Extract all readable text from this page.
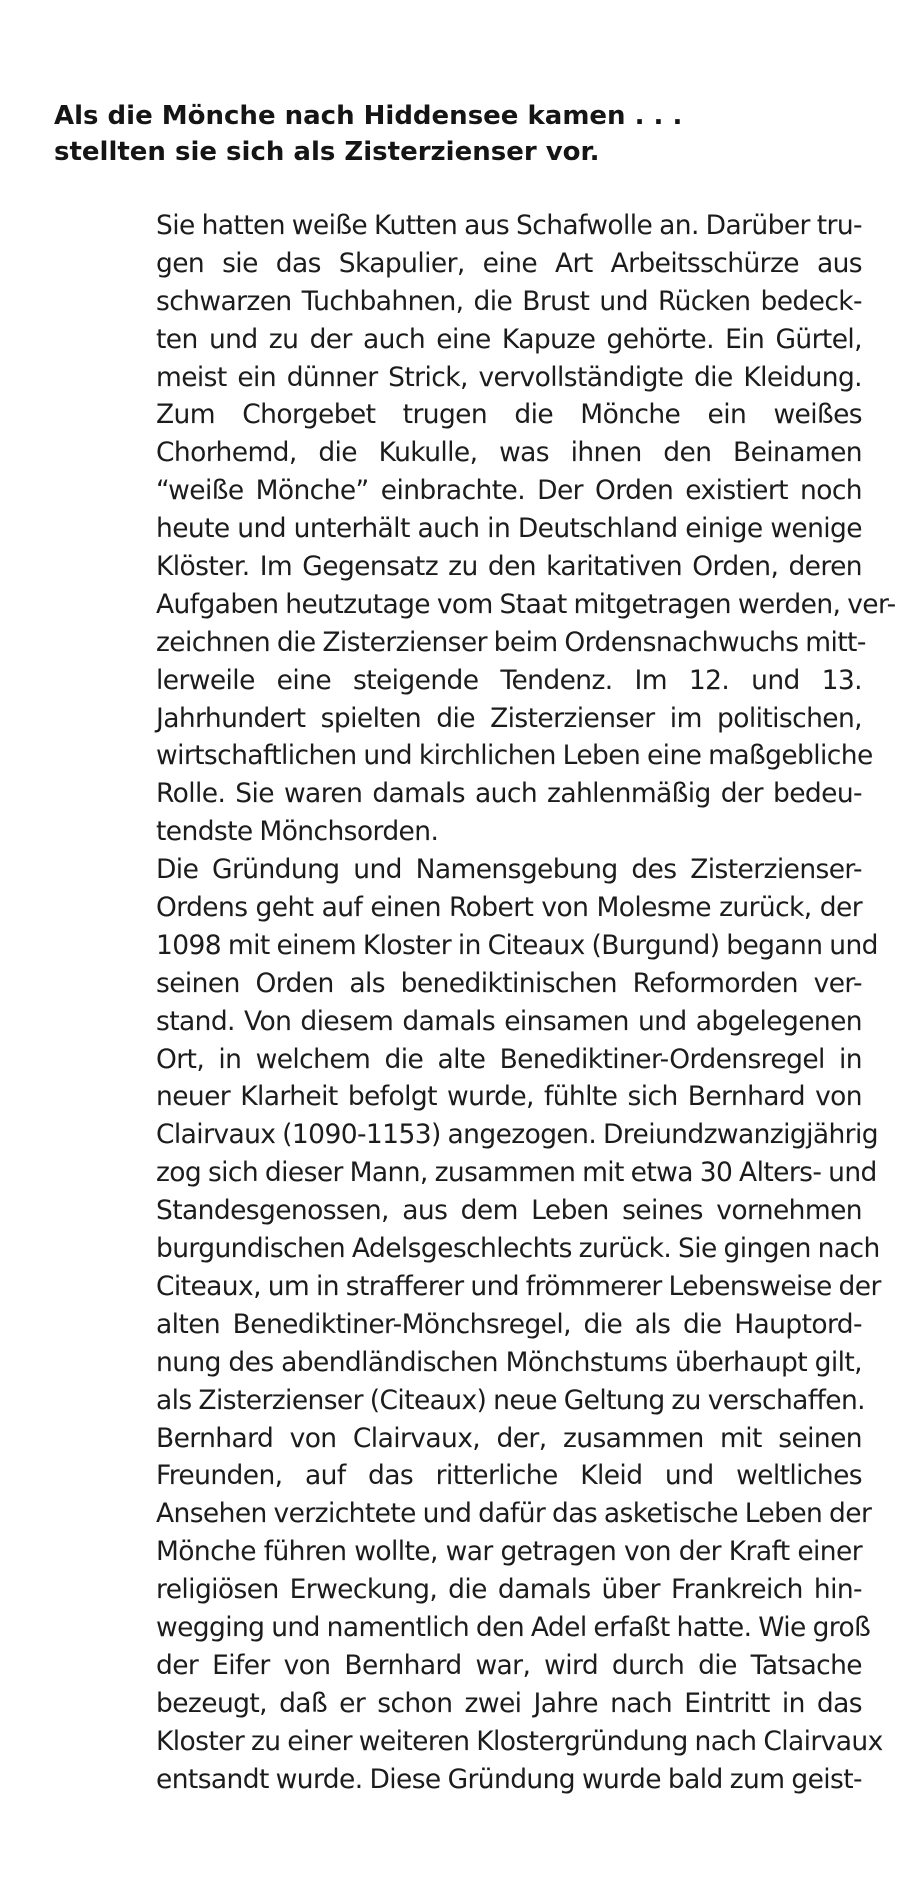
Als die Mönche nach Hiddensee kamen . . .
stellten sie sich als Zisterzienser vor.
Sie hatten weiße Kutten aus Schafwolle an. Darüber tru-
gen sie das Skapulier, eine Art Arbeitsschürze aus
schwarzen Tuchbahnen, die Brust und Rücken bedeck-
ten und zu der auch eine Kapuze gehörte. Ein Gürtel,
meist ein dünner Strick, vervollständigte die Kleidung.
Zum Chorgebet trugen die Mönche ein weißes
Chorhemd, die Kukulle, was ihnen den Beinamen
“weiße Mönche” einbrachte. Der Orden existiert noch
heute und unterhält auch in Deutschland einige wenige
Klöster. Im Gegensatz zu den karitativen Orden, deren
Aufgaben heutzutage vom Staat mitgetragen werden, ver-
zeichnen die Zisterzienser beim Ordensnachwuchs mitt-
lerweile eine steigende Tendenz. Im 12. und 13.
Jahrhundert spielten die Zisterzienser im politischen,
wirtschaftlichen und kirchlichen Leben eine maßgebliche
Rolle. Sie waren damals auch zahlenmäßig der bedeu-
tendste Mönchsorden.
Die Gründung und Namensgebung des Zisterzienser-
Ordens geht auf einen Robert von Molesme zurück, der
1098 mit einem Kloster in Citeaux (Burgund) begann und
seinen Orden als benediktinischen Reformorden ver-
stand. Von diesem damals einsamen und abgelegenen
Ort, in welchem die alte Benediktiner-Ordensregel in
neuer Klarheit befolgt wurde, fühlte sich Bernhard von
Clairvaux (1090-1153) angezogen. Dreiundzwanzigjährig
zog sich dieser Mann, zusammen mit etwa 30 Alters- und
Standesgenossen, aus dem Leben seines vornehmen
burgundischen Adelsgeschlechts zurück. Sie gingen nach
Citeaux, um in strafferer und frömmerer Lebensweise der
alten Benediktiner-Mönchsregel, die als die Hauptord-
nung des abendländischen Mönchstums überhaupt gilt,
als Zisterzienser (Citeaux) neue Geltung zu verschaffen.
Bernhard von Clairvaux, der, zusammen mit seinen
Freunden, auf das ritterliche Kleid und weltliches
Ansehen verzichtete und dafür das asketische Leben der
Mönche führen wollte, war getragen von der Kraft einer
religiösen Erweckung, die damals über Frankreich hin-
wegging und namentlich den Adel erfaßt hatte. Wie groß
der Eifer von Bernhard war, wird durch die Tatsache
bezeugt, daß er schon zwei Jahre nach Eintritt in das
Kloster zu einer weiteren Klostergründung nach Clairvaux
entsandt wurde. Diese Gründung wurde bald zum geist-
